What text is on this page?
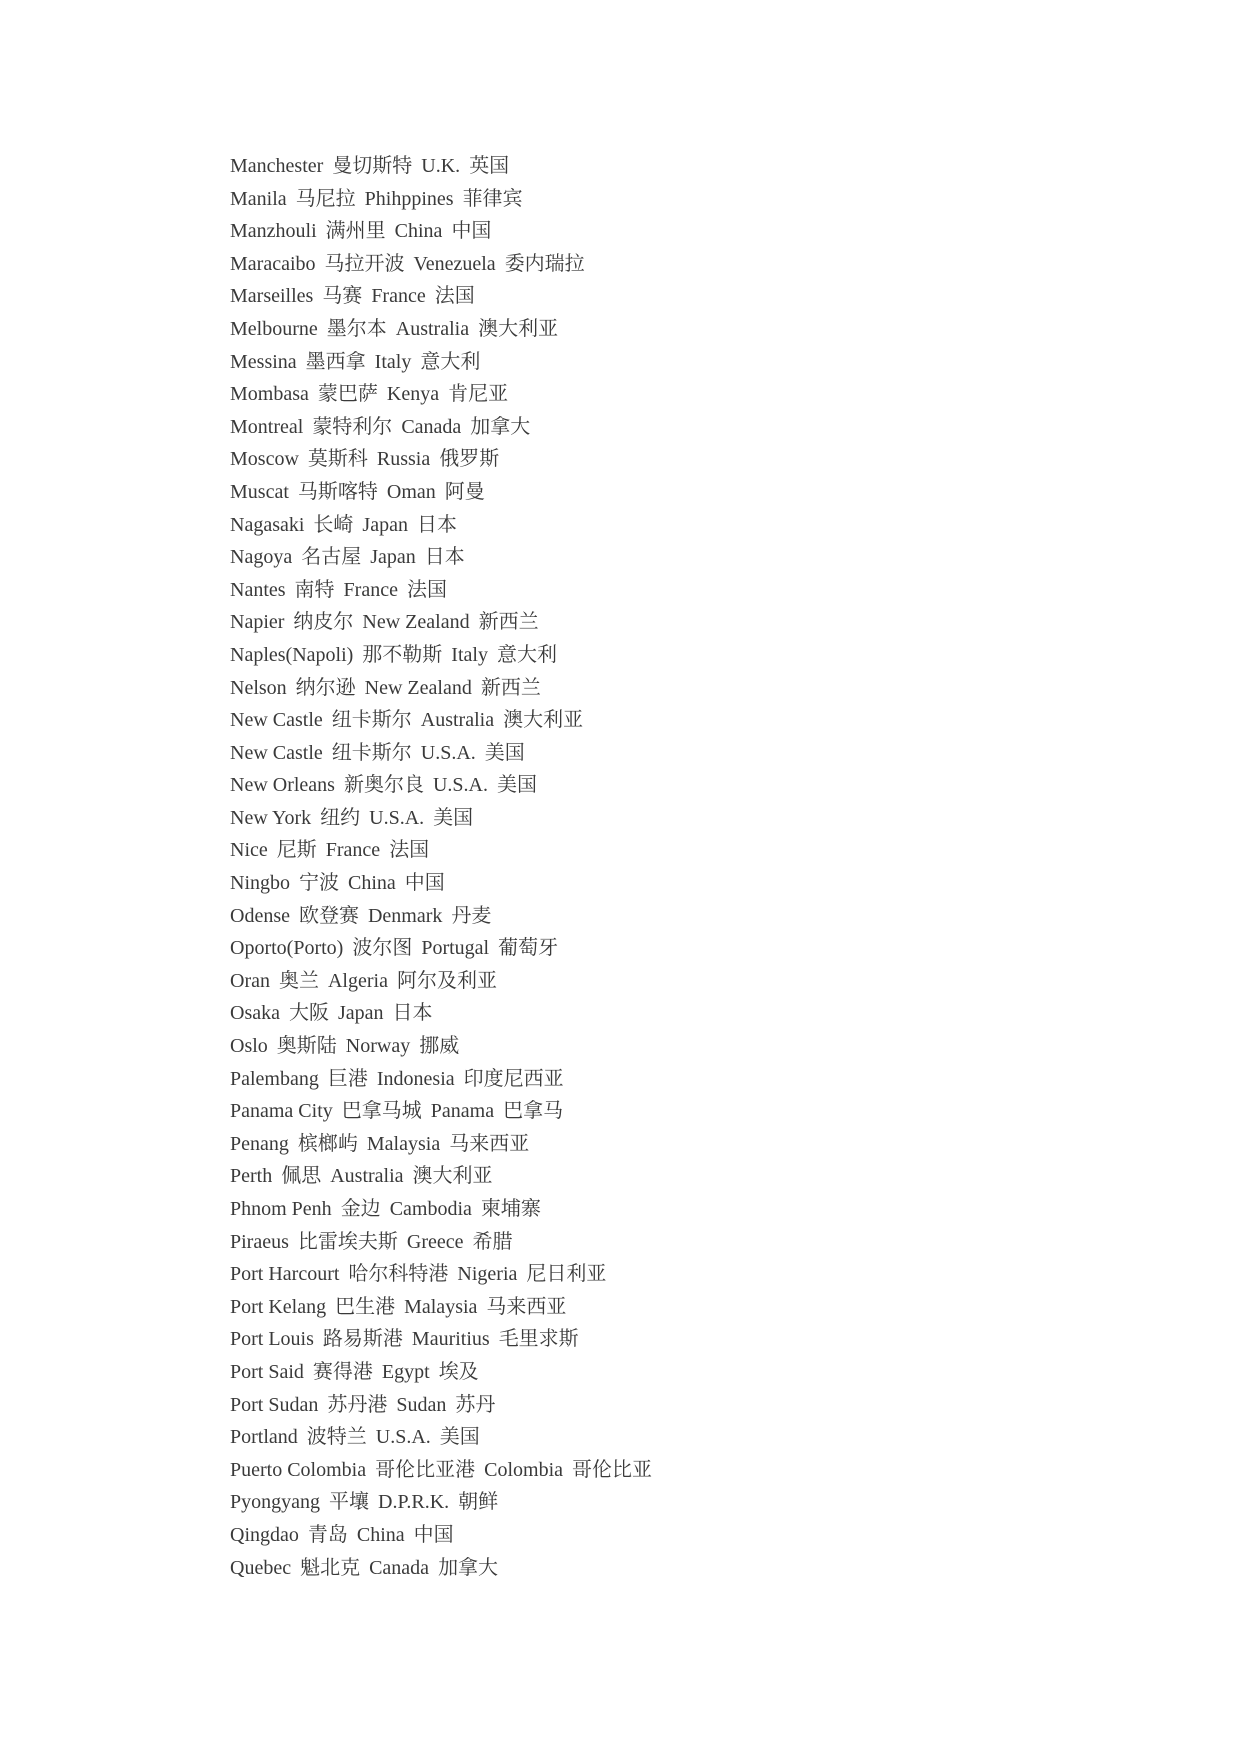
Manchester 曼切斯特 U.K. 英国
Manila 马尼拉 Phihppines 菲律宾
Manzhouli 满州里 China 中国
Maracaibo 马拉开波 Venezuela 委内瑞拉
Marseilles 马赛 France 法国
Melbourne 墨尔本 Australia 澳大利亚
Messina 墨西拿 Italy 意大利
Mombasa 蒙巴萨 Kenya 肯尼亚
Montreal 蒙特利尔 Canada 加拿大
Moscow 莫斯科 Russia 俄罗斯
Muscat 马斯喀特 Oman 阿曼
Nagasaki 长崎 Japan 日本
Nagoya 名古屋 Japan 日本
Nantes 南特 France 法国
Napier 纳皮尔 New Zealand 新西兰
Naples(Napoli) 那不勒斯 Italy 意大利
Nelson 纳尔逊 New Zealand 新西兰
New Castle 纽卡斯尔 Australia 澳大利亚
New Castle 纽卡斯尔 U.S.A. 美国
New Orleans 新奥尔良 U.S.A. 美国
New York 纽约 U.S.A. 美国
Nice 尼斯 France 法国
Ningbo 宁波 China 中国
Odense 欧登赛 Denmark 丹麦
Oporto(Porto) 波尔图 Portugal 葡萄牙
Oran 奥兰 Algeria 阿尔及利亚
Osaka 大阪 Japan 日本
Oslo 奥斯陆 Norway 挪威
Palembang 巨港 Indonesia 印度尼西亚
Panama City 巴拿马城 Panama 巴拿马
Penang 槟榔屿 Malaysia 马来西亚
Perth 佩思 Australia 澳大利亚
Phnom Penh 金边 Cambodia 柬埔寨
Piraeus 比雷埃夫斯 Greece 希腊
Port Harcourt 哈尔科特港 Nigeria 尼日利亚
Port Kelang 巴生港 Malaysia 马来西亚
Port Louis 路易斯港 Mauritius 毛里求斯
Port Said 赛得港 Egypt 埃及
Port Sudan 苏丹港 Sudan 苏丹
Portland 波特兰 U.S.A. 美国
Puerto Colombia 哥伦比亚港 Colombia 哥伦比亚
Pyongyang 平壤 D.P.R.K. 朝鲜
Qingdao 青岛 China 中国
Quebec 魁北克 Canada 加拿大
